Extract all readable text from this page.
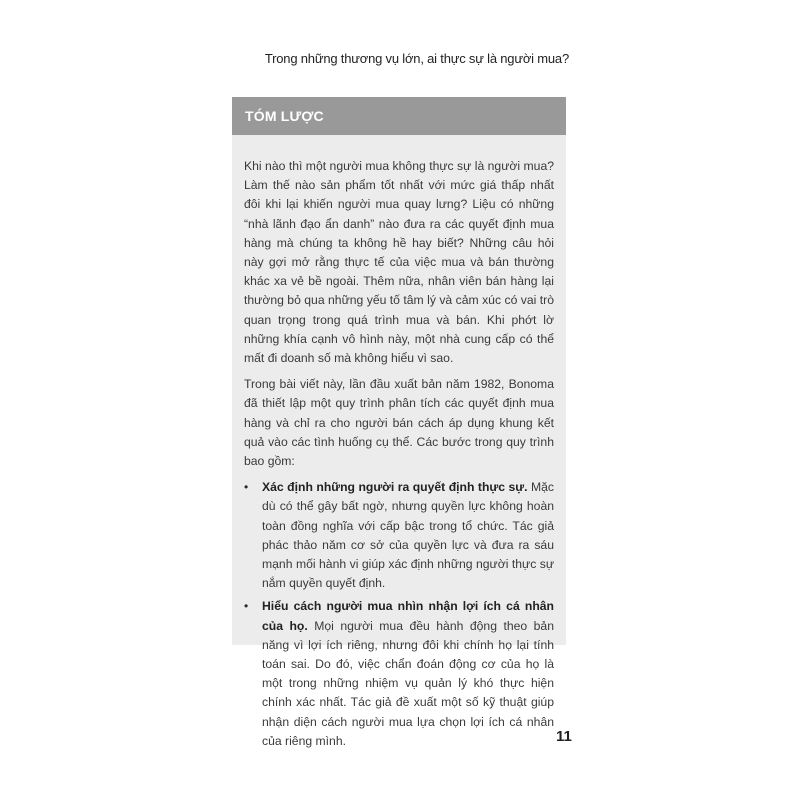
Trong những thương vụ lớn, ai thực sự là người mua?
TÓM LƯỢC

Khi nào thì một người mua không thực sự là người mua? Làm thế nào sản phẩm tốt nhất với mức giá thấp nhất đôi khi lại khiến người mua quay lưng? Liệu có những “nhà lãnh đạo ẩn danh” nào đưa ra các quyết định mua hàng mà chúng ta không hề hay biết? Những câu hỏi này gợi mở rằng thực tế của việc mua và bán thường khác xa vẻ bề ngoài. Thêm nữa, nhân viên bán hàng lại thường bỏ qua những yếu tố tâm lý và cảm xúc có vai trò quan trọng trong quá trình mua và bán. Khi phớt lờ những khía cạnh vô hình này, một nhà cung cấp có thể mất đi doanh số mà không hiểu vì sao.

Trong bài viết này, lần đầu xuất bản năm 1982, Bonoma đã thiết lập một quy trình phân tích các quyết định mua hàng và chỉ ra cho người bán cách áp dụng khung kết quả vào các tình huống cụ thể. Các bước trong quy trình bao gồm:

• Xác định những người ra quyết định thực sự. Mặc dù có thể gây bất ngờ, nhưng quyền lực không hoàn toàn đồng nghĩa với cấp bậc trong tổ chức. Tác giả phác thảo năm cơ sở của quyền lực và đưa ra sáu mạnh mối hành vi giúp xác định những người thực sự nắm quyền quyết định.
• Hiểu cách người mua nhìn nhận lợi ích cá nhân của họ. Mọi người mua đều hành động theo bản năng vì lợi ích riêng, nhưng đôi khi chính họ lại tính toán sai. Do đó, việc chẩn đoán động cơ của họ là một trong những nhiệm vụ quản lý khó thực hiện chính xác nhất. Tác giả đề xuất một số kỹ thuật giúp nhận diện cách người mua lựa chọn lợi ích cá nhân của riêng mình.	11
